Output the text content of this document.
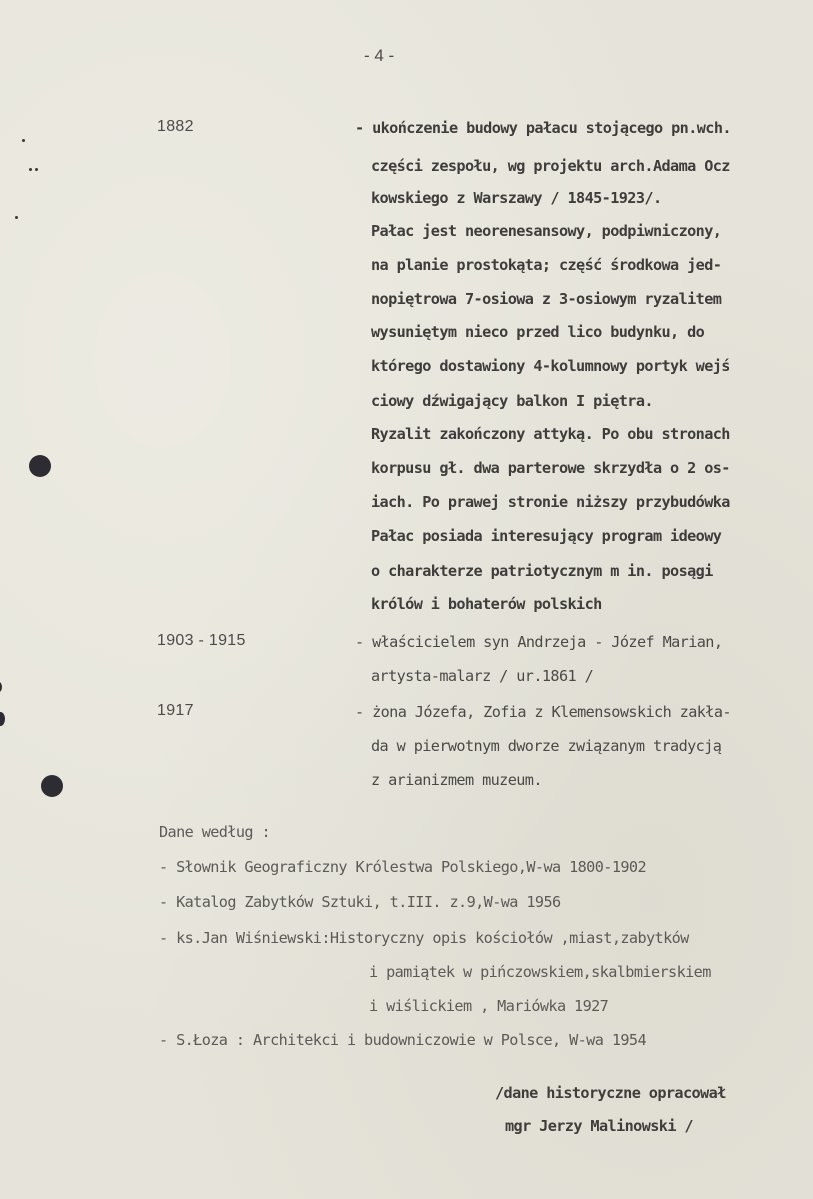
- 4 -
1882	- ukończenie budowy pałacu stojącego pn.wch.
części zespołu, wg projektu arch.Adama Ocz
kowskiego z Warszawy / 1845-1923/.
Pałac jest neorenesansowy, podpiwniczony,
na planie prostokąta; część środkowa jed-
nopiętrowa 7-osiowa z 3-osiowym ryzalitem
wysuniętym nieco przed lico budynku, do
którego dostawiony 4-kolumnowy portyk wejś
ciowy dźwigający balkon I piętra.
Ryzalit zakończony attyką. Po obu stronach
korpusu gł. dwa parterowe skrzydła o 2 os-
iach. Po prawej stronie niższy przybudówka
Pałac posiada interesujący program ideowy
o charakterze patriotycznym m in. posągi
królów i bohaterów polskich
1903 - 1915	- właścicielem syn Andrzeja - Józef Marian,
artysta-malarz / ur.1861 /
1917	- żona Józefa, Zofia z Klemensowskich zakła-
da w pierwotnym dworze związanym tradycją
z arianizmem muzeum.
Dane według :
- Słownik Geograficzny Królestwa Polskiego,W-wa 1800-1902
- Katalog Zabytków Sztuki, t.III. z.9,W-wa 1956
- ks.Jan Wiśniewski:Historyczny opis kościołów ,miast,zabytków
i pamiątek w pińczowskiem,skalbmierskiem
i wiślickiem , Mariówka 1927
- S.Łoza : Architekci i budowniczowie w Polsce, W-wa 1954
/dane historyczne opracował
mgr Jerzy Malinowski /
